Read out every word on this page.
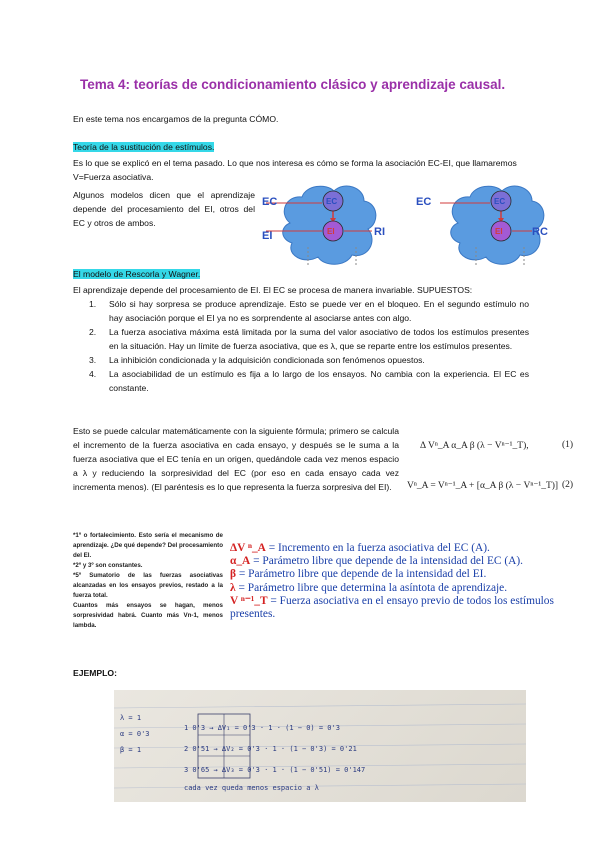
Tema 4: teorías de condicionamiento clásico y aprendizaje causal.
En este tema nos encargamos de la pregunta CÓMO.
Teoría de la sustitución de estímulos.
Es lo que se explicó en el tema pasado. Lo que nos interesa es cómo se forma la asociación EC-EI, que llamaremos V=Fuerza asociativa.
Algunos modelos dicen que el aprendizaje depende del procesamiento del EI, otros del EC y otros de ambos.
EC
EI
EC
EI	RI
EC	EC
EI	RC
El modelo de Rescorla y Wagner.
El aprendizaje depende del procesamiento de EI. El EC se procesa de manera invariable. SUPUESTOS:
1. Sólo si hay sorpresa se produce aprendizaje. Esto se puede ver en el bloqueo. En el segundo estímulo no hay asociación porque el EI ya no es sorprendente al asociarse antes con algo.
2. La fuerza asociativa máxima está limitada por la suma del valor asociativo de todos los estímulos presentes en la situación. Hay un límite de fuerza asociativa, que es λ, que se reparte entre los estímulos presentes.
3. La inhibición condicionada y la adquisición condicionada son fenómenos opuestos.
4. La asociabilidad de un estímulo es fija a lo largo de los ensayos. No cambia con la experiencia. El EC es constante.
Esto se puede calcular matemáticamente con la siguiente fórmula; primero se calcula el incremento de la fuerza asociativa en cada ensayo, y después se le suma a la fuerza asociativa que el EC tenía en un origen, quedándole cada vez menos espacio a λ y reduciendo la sorpresividad del EC (por eso en cada ensayo cada vez incrementa menos). (El paréntesis es lo que representa la fuerza sorpresiva del EI).
Δ Vⁿ_A α_A β (λ − Vⁿ⁻¹_T),	(1)
Vⁿ_A = Vⁿ⁻¹_A + [α_A β (λ − Vⁿ⁻¹_T)] (2)
*1º o fortalecimiento. Esto sería el mecanismo de aprendizaje. ¿De qué depende? Del procesamiento del EI.
*2º y 3º son constantes.
*5º Sumatorio de las fuerzas asociativas alcanzadas en los ensayos previos, restado a la fuerza total.
Cuantos más ensayos se hagan, menos sorpresividad habrá. Cuanto más Vn-1, menos lambda.
ΔV ⁿ_A = Incremento en la fuerza asociativa del EC (A).
α_A = Parámetro libre que depende de la intensidad del EC (A).
β = Parámetro libre que depende de la intensidad del EI.
λ = Parámetro libre que determina la asíntota de aprendizaje.
V ⁿ⁻¹_T = Fuerza asociativa en el ensayo previo de todos los estímulos presentes.
EJEMPLO:
λ = 1
α = 0'3
β = 1
1 0'3 → ΔV₁ = 0'3 · 1 · (1 − 0) = 0'3
2 0'51 → ΔV₂ = 0'3 · 1 · (1 − 0'3) = 0'21
3 0'65 → ΔV₃ = 0'3 · 1 · (1 − 0'51) = 0'147
cada vez queda menos espacio a λ
